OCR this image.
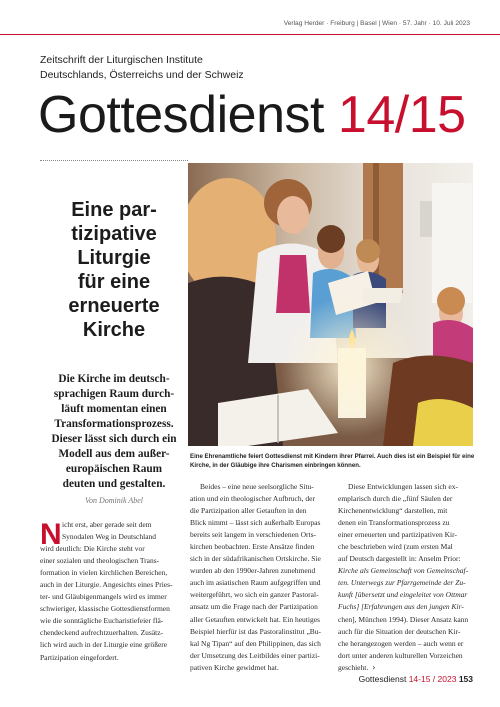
Verlag Herder · Freiburg | Basel | Wien · 57. Jahr · 10. Juli 2023
Zeitschrift der Liturgischen Institute
Deutschlands, Österreichs und der Schweiz
Gottesdienst 14/15
Eine par-
tizipative
Liturgie
für eine
erneuerte
Kirche
Die Kirche im deutsch-
sprachigen Raum durch-
läuft momentan einen
Transformationsprozess.
Dieser lässt sich durch ein
Modell aus dem außer-
europäischen Raum
deuten und gestalten.
Von Dominik Abel
Eine Ehrenamtliche feiert Gottesdienst mit Kindern ihrer Pfarrei. Auch dies ist ein Beispiel für eine
Kirche, in der Gläubige ihre Charismen einbringen können.
N icht erst, aber gerade seit dem
Synodalen Weg in Deutschland
wird deutlich: Die Kirche steht vor
einer sozialen und theologischen Trans-
formation in vielen kirchlichen Bereichen,
auch in der Liturgie. Angesichts eines Pries-
ter- und Gläubigenmangels wird es immer
schwieriger, klassische Gottesdienstformen
wie die sonntägliche Eucharistiefeier flä-
chendeckend aufrechtzuerhalten. Zusätz-
lich wird auch in der Liturgie eine größere
Partizipation eingefordert.
Beides – eine neue seelsorgliche Situ-
ation und ein theologischer Aufbruch, der
die Partizipation aller Getauften in den
Blick nimmt – lässt sich außerhalb Europas
bereits seit langem in verschiedenen Orts-
kirchen beobachten. Erste Ansätze finden
sich in der südafrikanischen Ortskirche. Sie
wurden ab den 1990er-Jahren zunehmend
auch im asiatischen Raum aufgegriffen und
weitergeführt, wo sich ein ganzer Pastoral-
ansatz um die Frage nach der Partizipation
aller Getauften entwickelt hat. Ein heutiges
Beispiel hierfür ist das Pastoralinstitut „Bu-
kal Ng Tipan“ auf den Philippinen, das sich
der Umsetzung des Leitbildes einer partizi-
pativen Kirche gewidmet hat.
Diese Entwicklungen lassen sich ex-
emplarisch durch die „fünf Säulen der
Kirchenentwicklung“ darstellen, mit
denen ein Transformationsprozess zu
einer erneuerten und partizipativen Kir-
che beschrieben wird (zum ersten Mal
auf Deutsch dargestellt in: Anselm Prior:
Kirche als Gemeinschaft von Gemeinschaf-
ten. Unterwegs zur Pfarrgemeinde der Zu-
kunft [übersetzt und eingeleitet von Ottmar
Fuchs] [Erfahrungen aus den jungen Kir-
chen], München 1994). Dieser Ansatz kann
auch für die Situation der deutschen Kir-
che herangezogen werden – auch wenn er
dort unter anderen kulturellen Vorzeichen
geschieht. ›
Gottesdienst 14-15 / 2023 153
